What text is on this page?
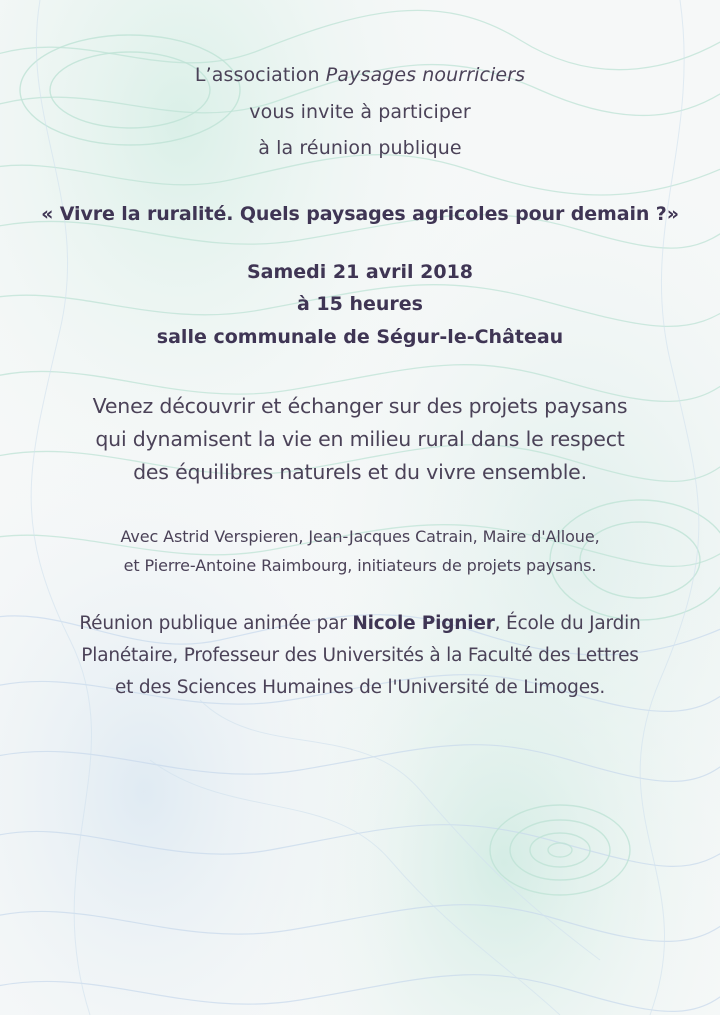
L’association Paysages nourriciers
vous invite à participer
à la réunion publique
« Vivre la ruralité. Quels paysages agricoles pour demain ?»
Samedi 21 avril 2018
à 15 heures
salle communale de Ségur-le-Château
Venez découvrir et échanger sur des projets paysans
qui dynamisent la vie en milieu rural dans le respect
des équilibres naturels et du vivre ensemble.
Avec Astrid Verspieren, Jean-Jacques Catrain, Maire d'Alloue,
et Pierre-Antoine Raimbourg, initiateurs de projets paysans.
Réunion publique animée par Nicole Pignier, École du Jardin
Planétaire, Professeur des Universités à la Faculté des Lettres
et des Sciences Humaines de l'Université de Limoges.
